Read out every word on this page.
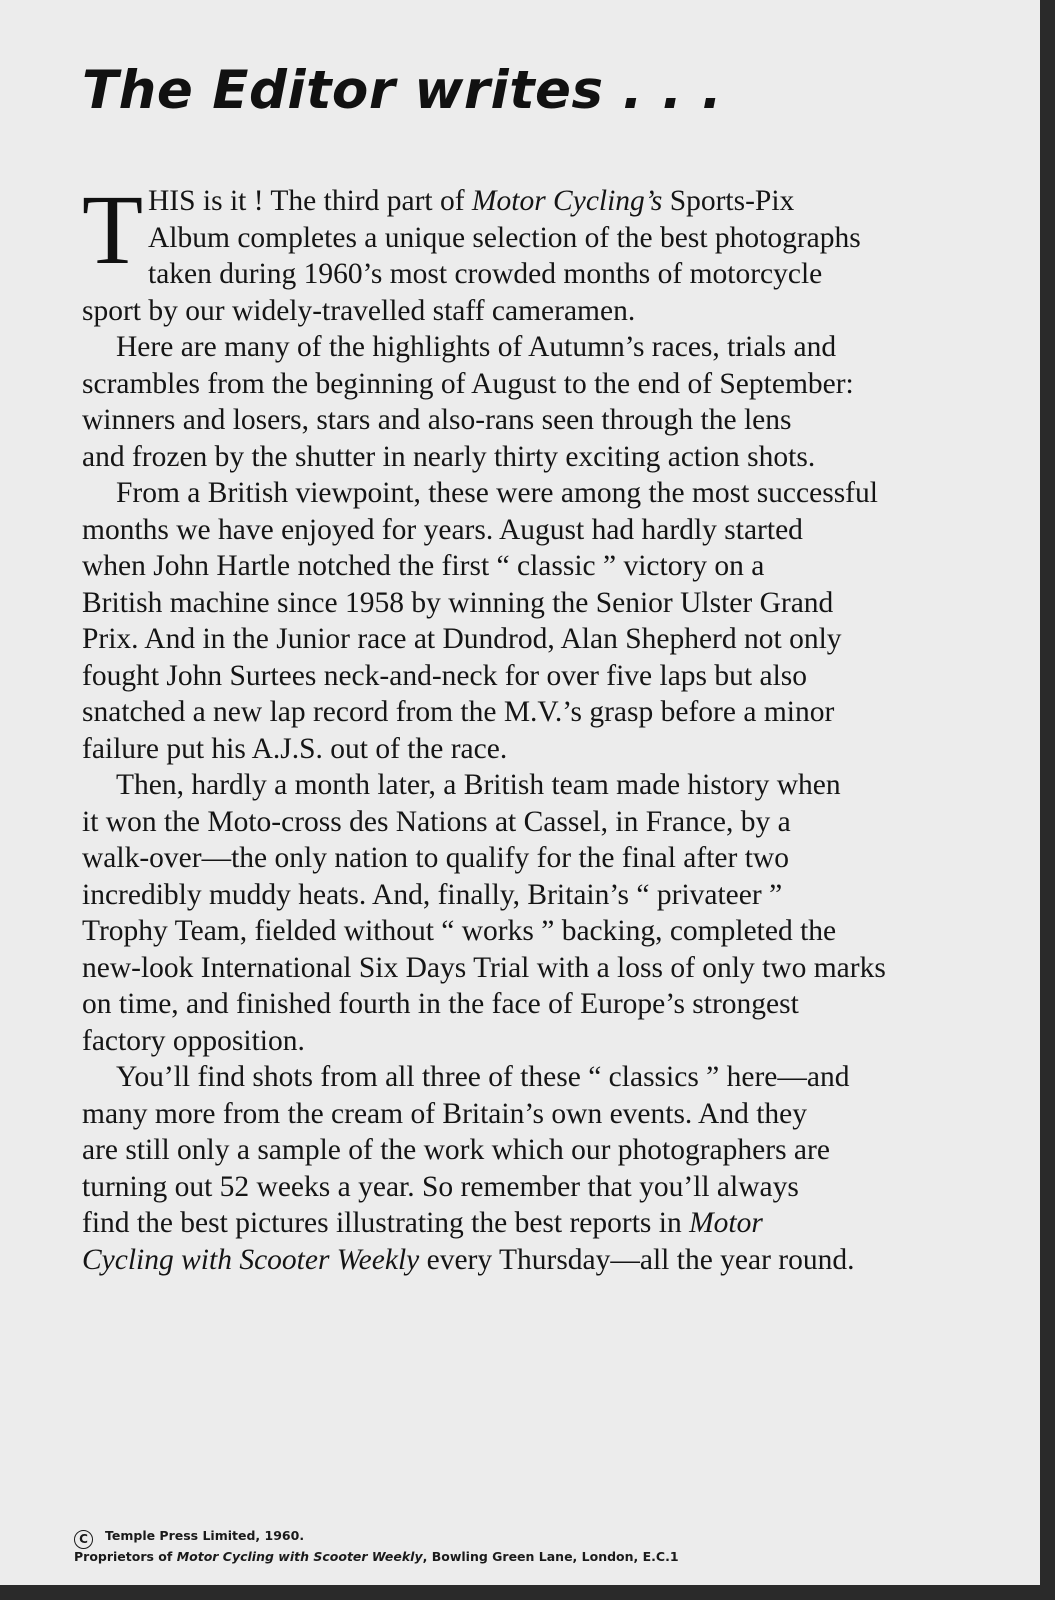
The Editor writes . . .
T HIS is it ! The third part of Motor Cycling’s Sports-Pix
Album completes a unique selection of the best photographs
taken during 1960’s most crowded months of motorcycle
sport by our widely-travelled staff cameramen.
Here are many of the highlights of Autumn’s races, trials and
scrambles from the beginning of August to the end of September:
winners and losers, stars and also-rans seen through the lens
and frozen by the shutter in nearly thirty exciting action shots.
From a British viewpoint, these were among the most successful
months we have enjoyed for years. August had hardly started
when John Hartle notched the first “ classic ” victory on a
British machine since 1958 by winning the Senior Ulster Grand
Prix. And in the Junior race at Dundrod, Alan Shepherd not only
fought John Surtees neck-and-neck for over five laps but also
snatched a new lap record from the M.V.’s grasp before a minor
failure put his A.J.S. out of the race.
Then, hardly a month later, a British team made history when
it won the Moto-cross des Nations at Cassel, in France, by a
walk-over—the only nation to qualify for the final after two
incredibly muddy heats. And, finally, Britain’s “ privateer ”
Trophy Team, fielded without “ works ” backing, completed the
new-look International Six Days Trial with a loss of only two marks
on time, and finished fourth in the face of Europe’s strongest
factory opposition.
You’ll find shots from all three of these “ classics ” here—and
many more from the cream of Britain’s own events. And they
are still only a sample of the work which our photographers are
turning out 52 weeks a year. So remember that you’ll always
find the best pictures illustrating the best reports in Motor
Cycling with Scooter Weekly every Thursday—all the year round.
C Temple Press Limited, 1960.
Proprietors of Motor Cycling with Scooter Weekly, Bowling Green Lane, London, E.C.1
